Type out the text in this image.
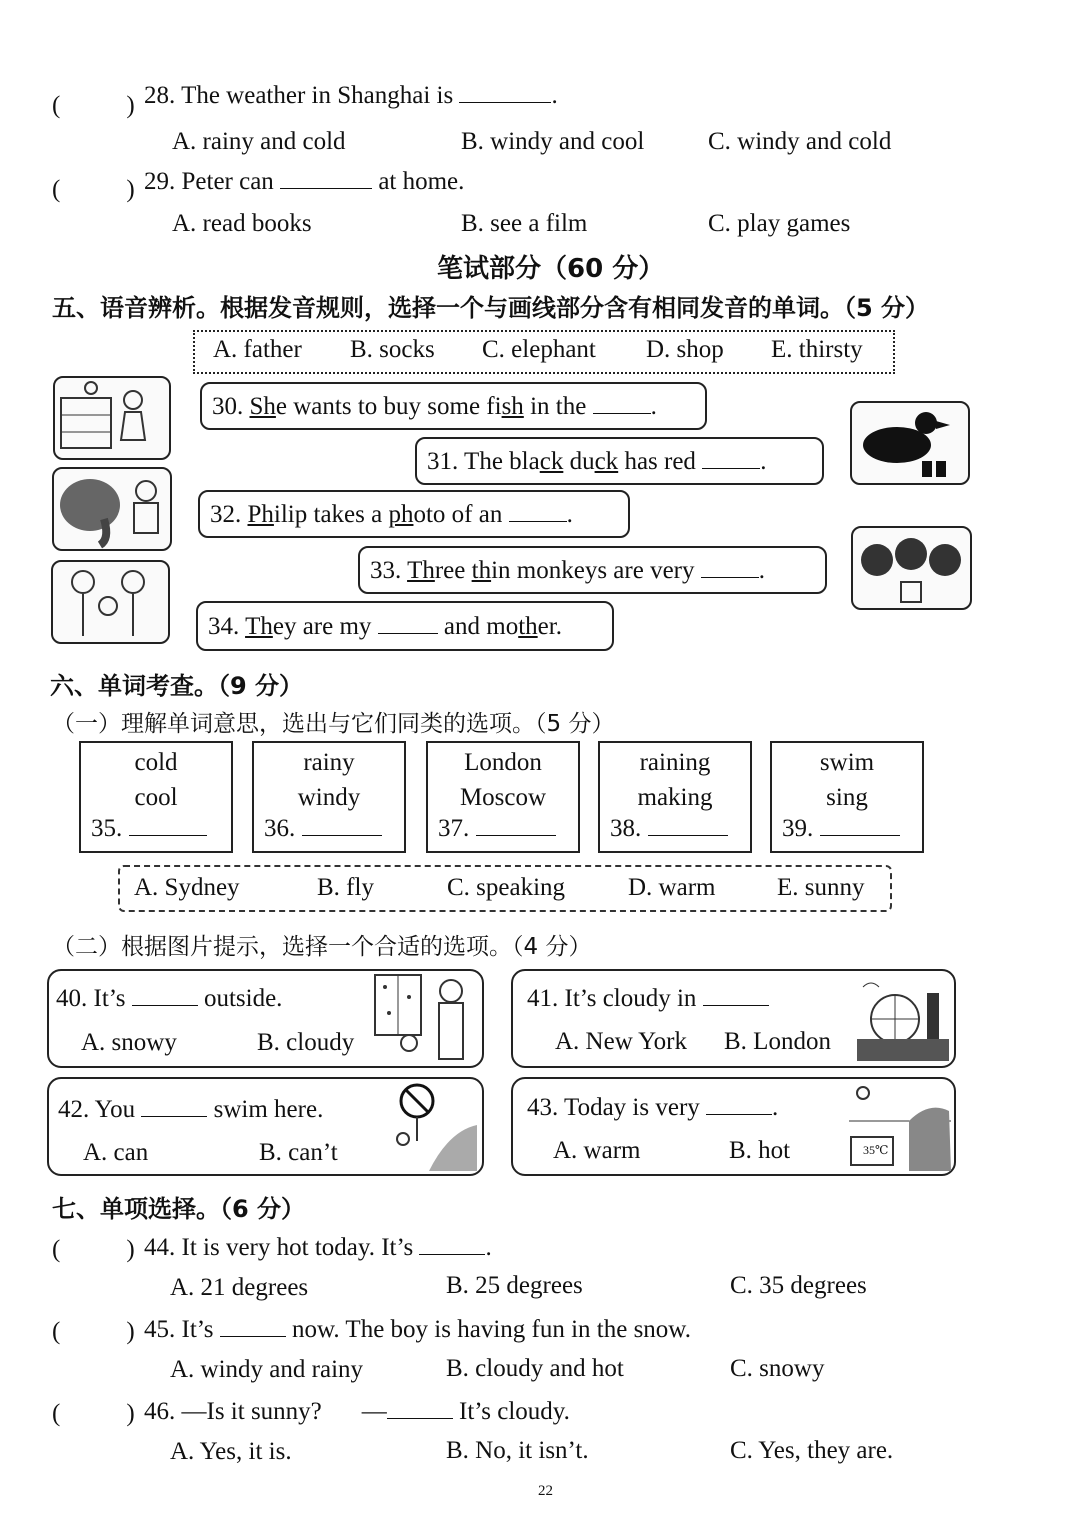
(	) 28. The weather in Shanghai is	.
A. rainy and cold	B. windy and cool	C. windy and cold
(	) 29. Peter can	at home.
A. read books	B. see a film	C. play games
笔试部分（60 分）
五、语音辨析。根据发音规则，选择一个与画线部分含有相同发音的单词。（5 分）
A. father B. socks C. elephant D. shop E. thirsty
30. She wants to buy some fish in the .
31. The black duck has red .
32. Philip takes a photo of an .
33. Three thin monkeys are very .
34. They are my  and mother.
六、单词考查。（9 分）
（一）理解单词意思，选出与它们同类的选项。（5 分）
cold
cool
35.
rainy
windy
36.
London
Moscow
37.
raining
making
38.
swim
sing
39.
A. Sydney	B. fly	C. speaking	D. warm E. sunny
（二）根据图片提示，选择一个合适的选项。（4 分）
40. It’s	outside.
A. snowy	B. cloudy
41. It’s cloudy in
A. New York B. London
42. You	swim here.
A. can	B. can’t
43. Today is very	.
A. warm	B. hot	35℃
七、单项选择。（6 分）
(	) 44. It is very hot today. It’s	.
A. 21 degrees	B. 25 degrees	C. 35 degrees
(	) 45. It’s	now. The boy is having fun in the snow.
A. windy and rainy	B. cloudy and hot	C. snowy
(	) 46. —Is it sunny? —	It’s cloudy.
A. Yes, it is.	B. No, it isn’t.	C. Yes, they are.
22
